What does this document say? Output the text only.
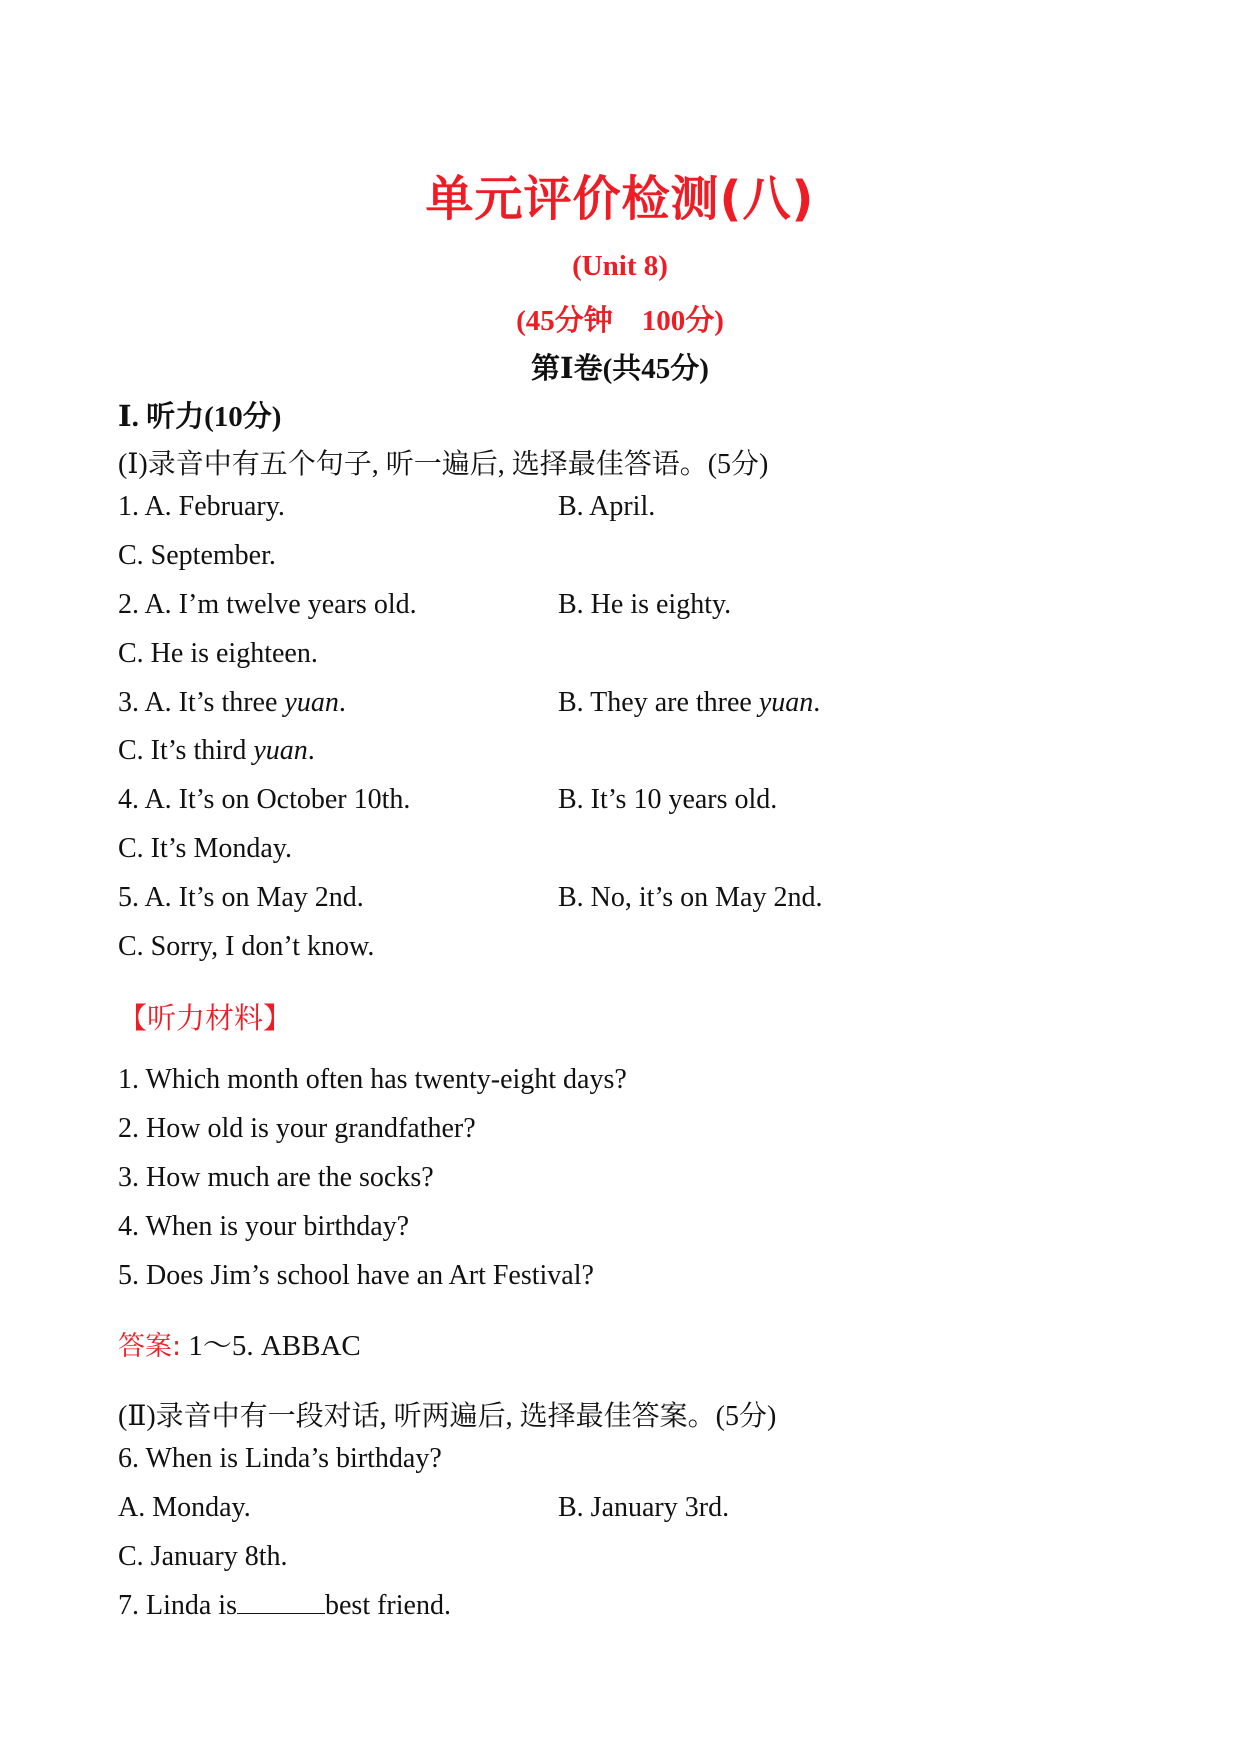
单元评价检测(八)
(Unit 8)
(45分钟    100分)
第Ⅰ卷(共45分)
Ⅰ. 听力(10分)
(Ⅰ)录音中有五个句子, 听一遍后, 选择最佳答语。(5分)
1. A. February.	B. April.
C. September.
2. A. I’m twelve years old.	B. He is eighty.
C. He is eighteen.
3. A. It’s three yuan.	B. They are three yuan.
C. It’s third yuan.
4. A. It’s on October 10th.	B. It’s 10 years old.
C. It’s Monday.
5. A. It’s on May 2nd.	B. No, it’s on May 2nd.
C. Sorry, I don’t know.
【听力材料】
1. Which month often has twenty-eight days?
2. How old is your grandfather?
3. How much are the socks?
4. When is your birthday?
5. Does Jim’s school have an Art Festival?
答案: 1～5. ABBAC
(Ⅱ)录音中有一段对话, 听两遍后, 选择最佳答案。(5分)
6. When is Linda’s birthday?
A. Monday.	B. January 3rd.
C. January 8th.
7. Linda is	best friend.
